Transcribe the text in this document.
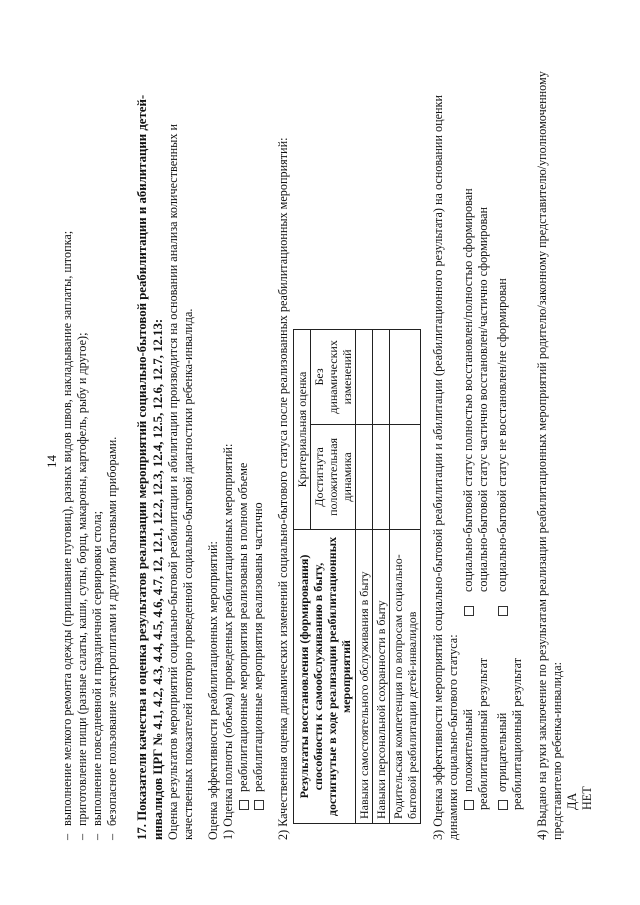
14 – выполнение мелкого ремонта одежды (пришивание пуговиц), разных видов швов, накладывание заплаты, штопка; – приготовление пищи (разные салаты, каши, супы, борщ, макароны, картофель, рыбу и другое); – выполнение повседневной и праздничной сервировки стола; – безопасное пользование электроплитами и другими бытовыми приборами. 17. Показатели качества и оценка результатов реализации мероприятий социально-бытовой реабилитации и абилитации детей-инвалидов ЦРГ № 4.1, 4.2, 4.3, 4.4, 4.5, 4.6, 4.7, 12, 12.1, 12.2, 12.3, 12.4, 12.5, 12.6, 12.7, 12.13: Оценка результатов мероприятий социально-бытовой реабилитации и абилитации производится на основании анализа количественных и качественных показателей повторно проведенной социально-бытовой диагностики ребенка-инвалида. Оценка эффективности реабилитационных мероприятий: 1) Оценка полноты (объема) проведенных реабилитационных мероприятий: реабилитационные мероприятия реализованы в полном объеме реабилитационные мероприятия реализованы частично 2) Качественная оценка динамических изменений социально-бытового статуса после реализованных реабилитационных мероприятий: Результаты восстановления (формирования) способности к самообслуживанию в быту, достигнутые в ходе реализации реабилитационных мероприятий	Критериальная оценка	
	Достигнута положительная динамика	Без динамических изменений
Навыки самостоятельного обслуживания в быту		
Навыки персональной сохранности в быту		
Родительская компетенция по вопросам социально-бытовой реабилитации детей-инвалидов		3) Оценка эффективности мероприятий социально-бытовой реабилитации и абилитации (реабилитационного результата) на основании оценки динамики социально-бытового статуса: положительный реабилитационный результат
социально-бытовой статус полностью восстановлен/полностью сформирован
социально-бытовой статус частично восстановлен/частично сформирован
отрицательный реабилитационный результат
социально-бытовой статус не восстановлен/не сформирован	4) Выдано на руки заключение по результатам реализации реабилитационных мероприятий родителю/законному представителю/уполномоченному представителю ребенка-инвалида: ДА НЕТ
